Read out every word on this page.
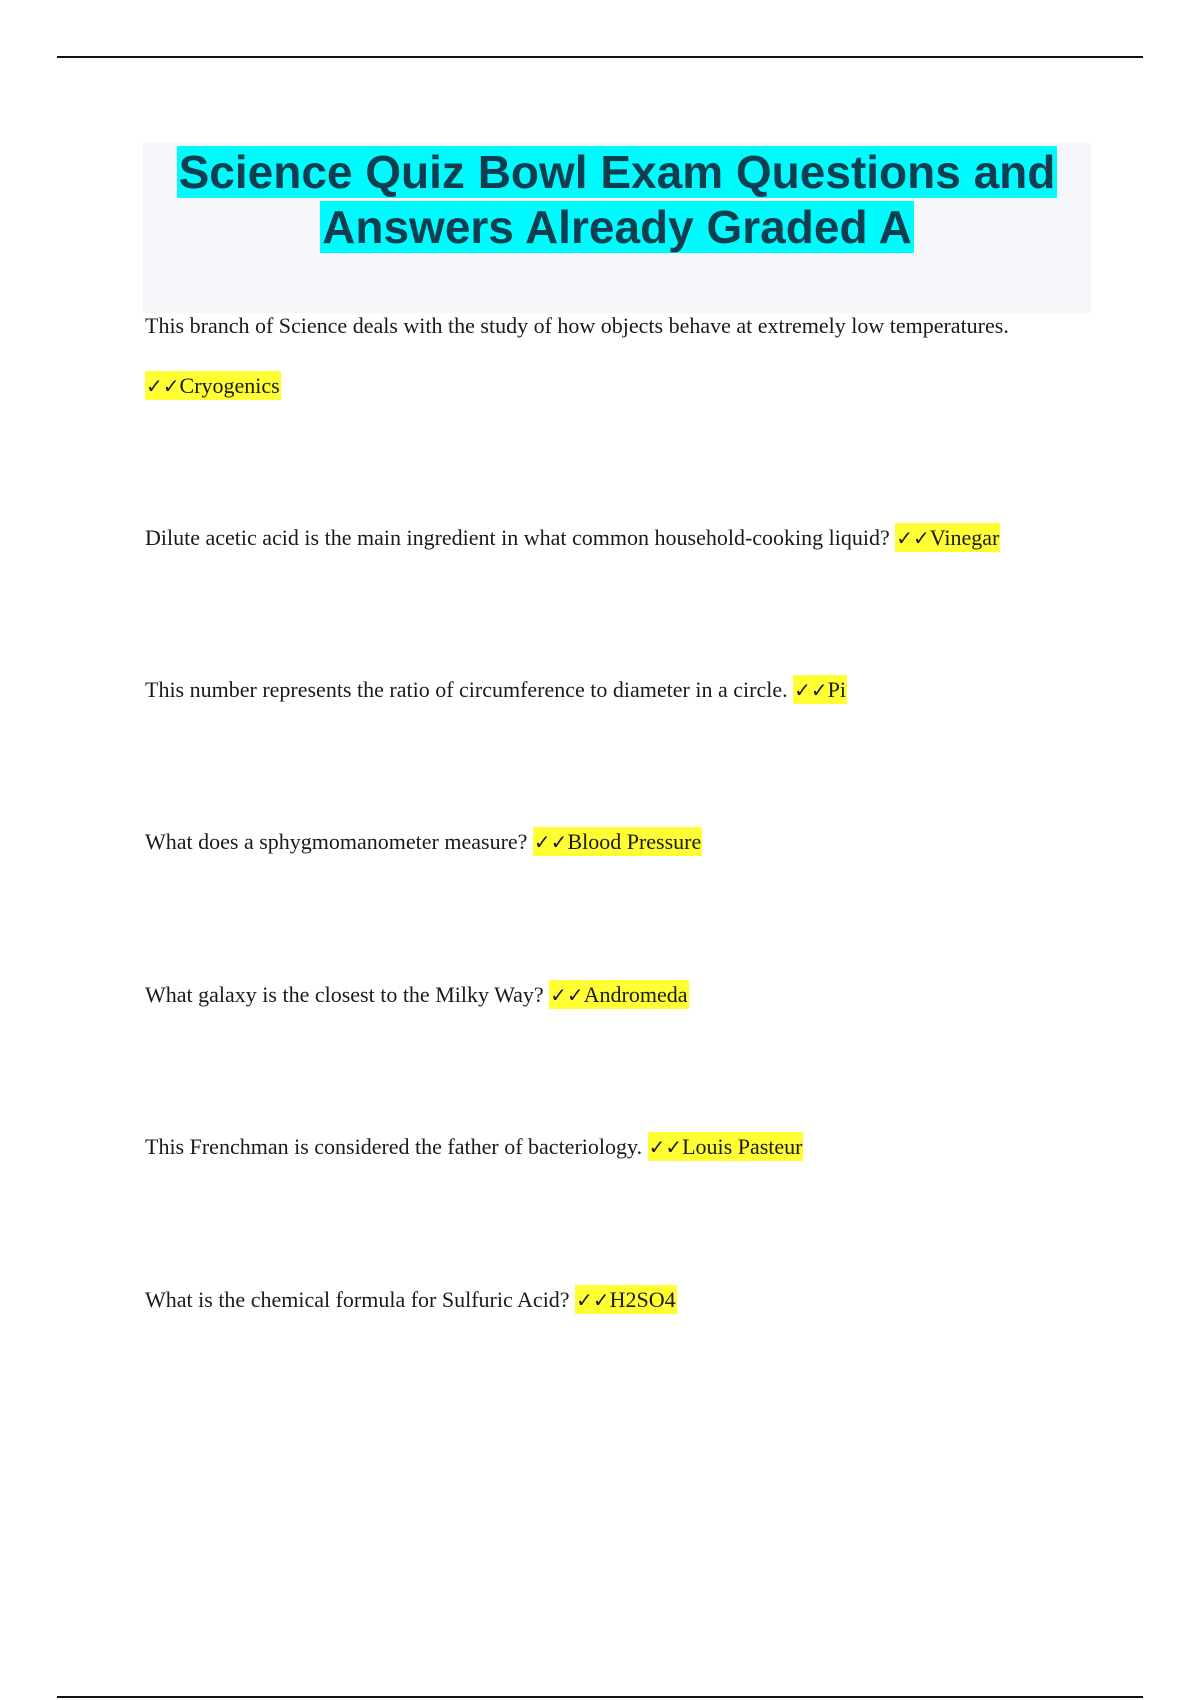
Science Quiz Bowl Exam Questions and
Answers Already Graded A

This branch of Science deals with the study of how objects behave at extremely low temperatures. ✓✓Cryogenics

Dilute acetic acid is the main ingredient in what common household-cooking liquid? ✓✓Vinegar

This number represents the ratio of circumference to diameter in a circle. ✓✓Pi

What does a sphygmomanometer measure? ✓✓Blood Pressure

What galaxy is the closest to the Milky Way? ✓✓Andromeda

This Frenchman is considered the father of bacteriology. ✓✓Louis Pasteur

What is the chemical formula for Sulfuric Acid? ✓✓H2SO4
